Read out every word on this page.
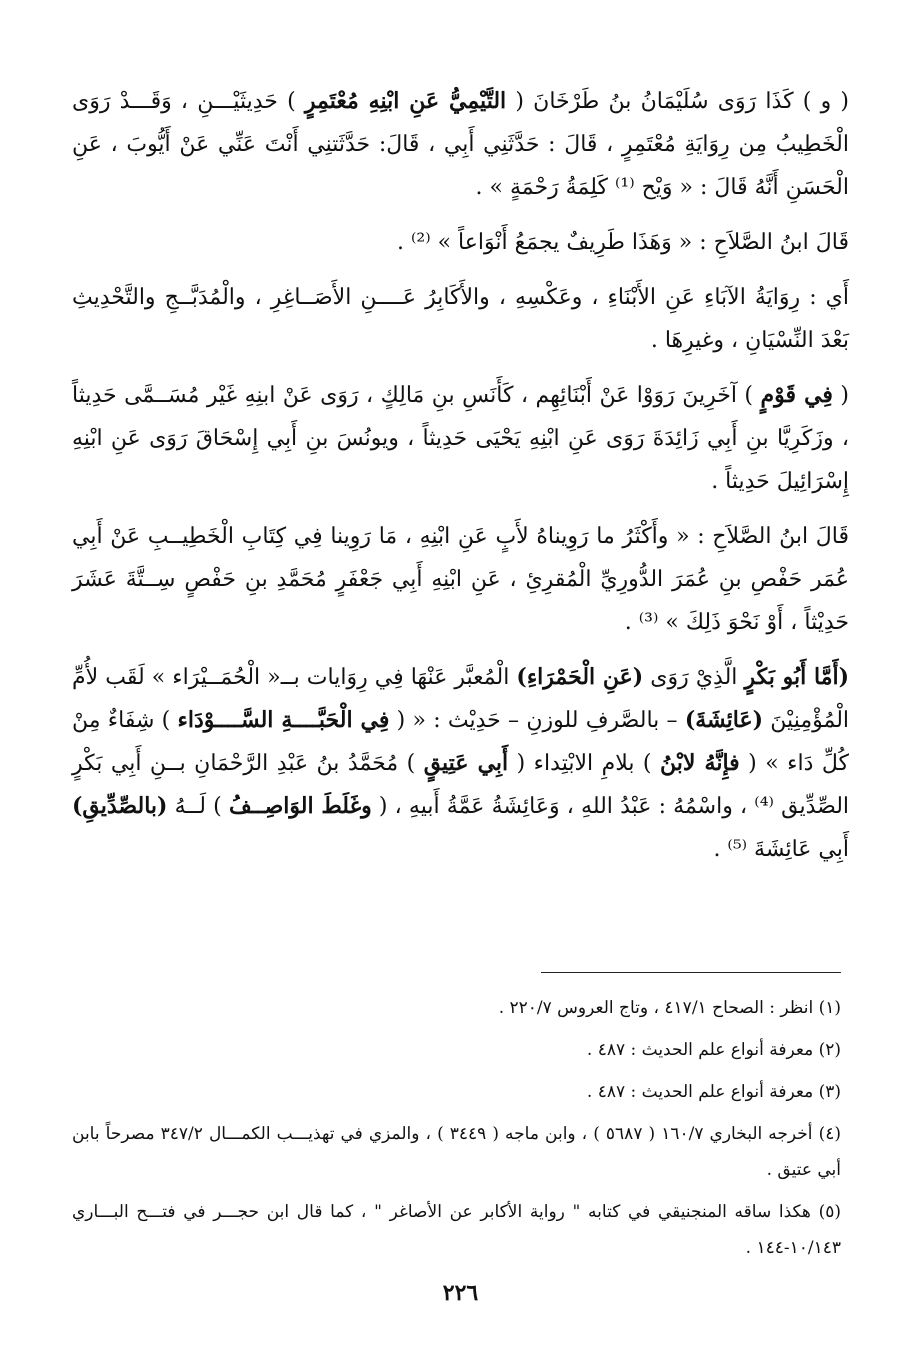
( و ) كَذَا رَوَى سُلَيْمَانُ بنُ طَرْخَانَ ( التَّيْمِيُّ عَنِ ابْنِهِ مُعْتَمِرٍ ) حَدِيثَيْـــنِ ، وَقَـــدْ رَوَى الْخَطِيبُ مِن رِوَايَةِ مُعْتَمِرٍ ، قَالَ : حَدَّثَنِي أَبِي ، قَالَ: حَدَّثَتنِي أَنْتَ عَنِّي عَنْ أَيُّوبَ ، عَنِ الْحَسَنِ أَنَّهُ قَالَ : « وَيْح ⁽¹⁾ كَلِمَةُ رَحْمَةٍ » .

قَالَ ابنُ الصَّلاَحِ : « وَهَذَا طَرِيفٌ يجمَعُ أَنْوَاعاً » ⁽²⁾ .

أَي : رِوَايَةُ الآبَاءِ عَنِ الأَبْنَاءِ ، وعَكْسِهِ ، والأَكَابِرُ عَــــنِ الأَصَــاغِرِ ، والْمُدَبَّــجِ والتَّحْدِيثِ بَعْدَ النِّسْيَانِ ، وغيرِهَا .

( فِي قَوْمٍ ) آخَرِينَ رَوَوْا عَنْ أَبْنَائِهِم ، كَأَنَسِ بنِ مَالِكٍ ، رَوَى عَنْ ابنِهِ غَيْر مُسَــمَّى حَدِيثاً ، وزَكَرِيَّا بنِ أَبِي زَائِدَةَ رَوَى عَنِ ابْنِهِ يَحْيَى حَدِيثاً ، ويونُسَ بنِ أَبِي إِسْحَاقَ رَوَى عَنِ ابْنِهِ إِسْرَائِيلَ حَدِيثاً .

قَالَ ابنُ الصَّلاَحِ : « وأَكْثَرُ ما رَوِيناهُ لأَبٍ عَنِ ابْنِهِ ، مَا رَوِينا فِي كِتَابِ الْخَطِيــبِ عَنْ أَبِي عُمَر حَفْصِ بنِ عُمَرَ الدُّورِيِّ الْمُقرِئِ ، عَنِ ابْنِهِ أَبِي جَعْفَرٍ مُحَمَّدِ بنِ حَفْصٍ سِــتَّةَ عَشَرَ حَدِيْثاً ، أَوْ نَحْوَ ذَلِكَ » ⁽³⁾ .

(أَمَّا أَبُو بَكْرٍ الَّذِيْ رَوَى (عَنِ الْحَمْرَاءِ) الْمُعبَّر عَنْهَا فِي رِوَايات بــ« الْحُمَــيْرَاء » لَقَب لأُمِّ الْمُؤْمِنِيْنَ (عَائِشَةَ) – بالصَّرفِ للوزنِ – حَدِيْث : « ( فِي الْحَبَّــــةِ السَّــــوْدَاء ) شِفَاءٌ مِنْ كُلِّ دَاء » ( فإِنَّهُ لابْنُ ) بلامِ الابْتِداء ( أَبِي عَتِيقٍ ) مُحَمَّدُ بنُ عَبْدِ الرَّحْمَانِ بــنِ أَبِي بَكْرٍ الصِّدِّيق ⁽⁴⁾ ، واسْمُهُ : عَبْدُ اللهِ ، وَعَائِشَةُ عَمَّةُ أَبيهِ ، ( وغَلَطَ الوَاصِــفُ ) لَــهُ (بالصِّدِّيقِ) أَبِي عَائِشَةَ ⁽⁵⁾ .

(١) انظر : الصحاح ٤١٧/١ ، وتاج العروس ٢٢٠/٧ .

(٢) معرفة أنواع علم الحديث : ٤٨٧ .

(٣) معرفة أنواع علم الحديث : ٤٨٧ .

(٤) أخرجه البخاري ١٦٠/٧ ( ٥٦٨٧ ) ، وابن ماجه ( ٣٤٤٩ ) ، والمزي في تهذيـــب الكمـــال ٣٤٧/٢ مصرحاً بابن أبي عتيق .

(٥) هكذا ساقه المنجنيقي في كتابه " رواية الأكابر عن الأصاغر " ، كما قال ابن حجـــر في فتـــح البـــاري ١٠/١٤٣-١٤٤ .

٢٢٦
